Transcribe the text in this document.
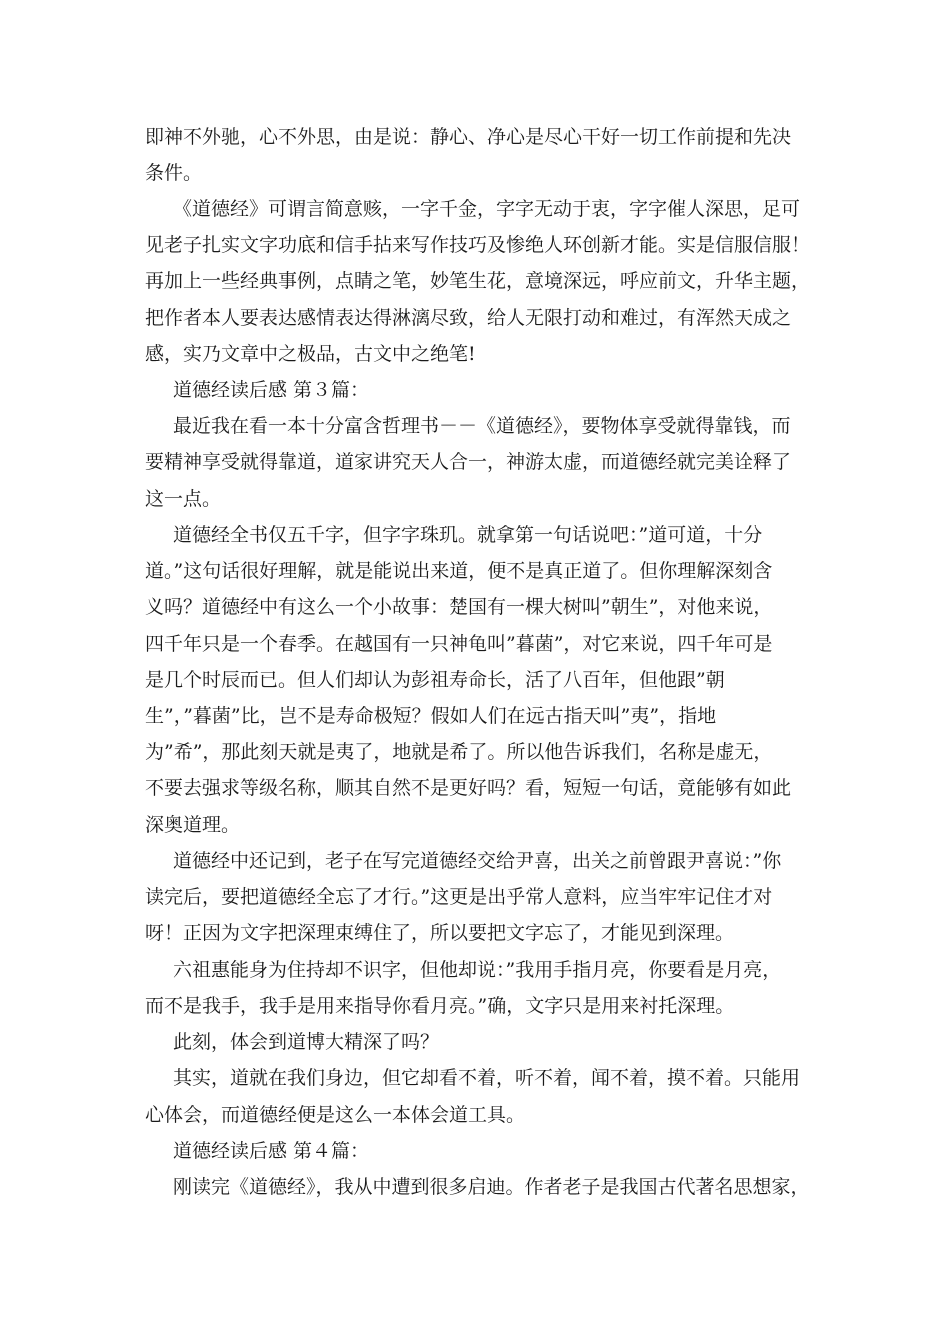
即神不外驰，心不外思，由是说：静心、净心是尽心干好一切工作前提和先决
条件。
《道德经》可谓言简意赅，一字千金，字字无动于衷，字字催人深思，足可
见老子扎实文字功底和信手拈来写作技巧及惨绝人环创新才能。实是信服信服！
再加上一些经典事例，点睛之笔，妙笔生花，意境深远，呼应前文，升华主题，
把作者本人要表达感情表达得淋漓尽致，给人无限打动和难过，有浑然天成之
感，实乃文章中之极品，古文中之绝笔!
道德经读后感 第３篇：
最近我在看一本十分富含哲理书－－《道德经》，要物体享受就得靠钱，而
要精神享受就得靠道，道家讲究天人合一，神游太虚，而道德经就完美诠释了
这一点。
道德经全书仅五千字，但字字珠玑。就拿第一句话说吧：”道可道，十分
道。”这句话很好理解，就是能说出来道，便不是真正道了。但你理解深刻含
义吗？道德经中有这么一个小故事：楚国有一棵大树叫”朝生”，对他来说，
四千年只是一个春季。在越国有一只神龟叫”暮菌”，对它来说，四千年可是
是几个时辰而已。但人们却认为彭祖寿命长，活了八百年，但他跟”朝
生”，”暮菌”比，岂不是寿命极短？假如人们在远古指天叫”夷”，指地
为”希”，那此刻天就是夷了，地就是希了。所以他告诉我们，名称是虚无，
不要去强求等级名称，顺其自然不是更好吗？看，短短一句话，竟能够有如此
深奥道理。
道德经中还记到，老子在写完道德经交给尹喜，出关之前曾跟尹喜说：”你
读完后，要把道德经全忘了才行。”这更是出乎常人意料，应当牢牢记住才对
呀！正因为文字把深理束缚住了，所以要把文字忘了，才能见到深理。
六祖惠能身为住持却不识字，但他却说：”我用手指月亮，你要看是月亮，
而不是我手，我手是用来指导你看月亮。”确，文字只是用来衬托深理。
此刻，体会到道博大精深了吗？
其实，道就在我们身边，但它却看不着，听不着，闻不着，摸不着。只能用
心体会，而道德经便是这么一本体会道工具。
道德经读后感 第４篇：
刚读完《道德经》，我从中遭到很多启迪。作者老子是我国古代著名思想家，
